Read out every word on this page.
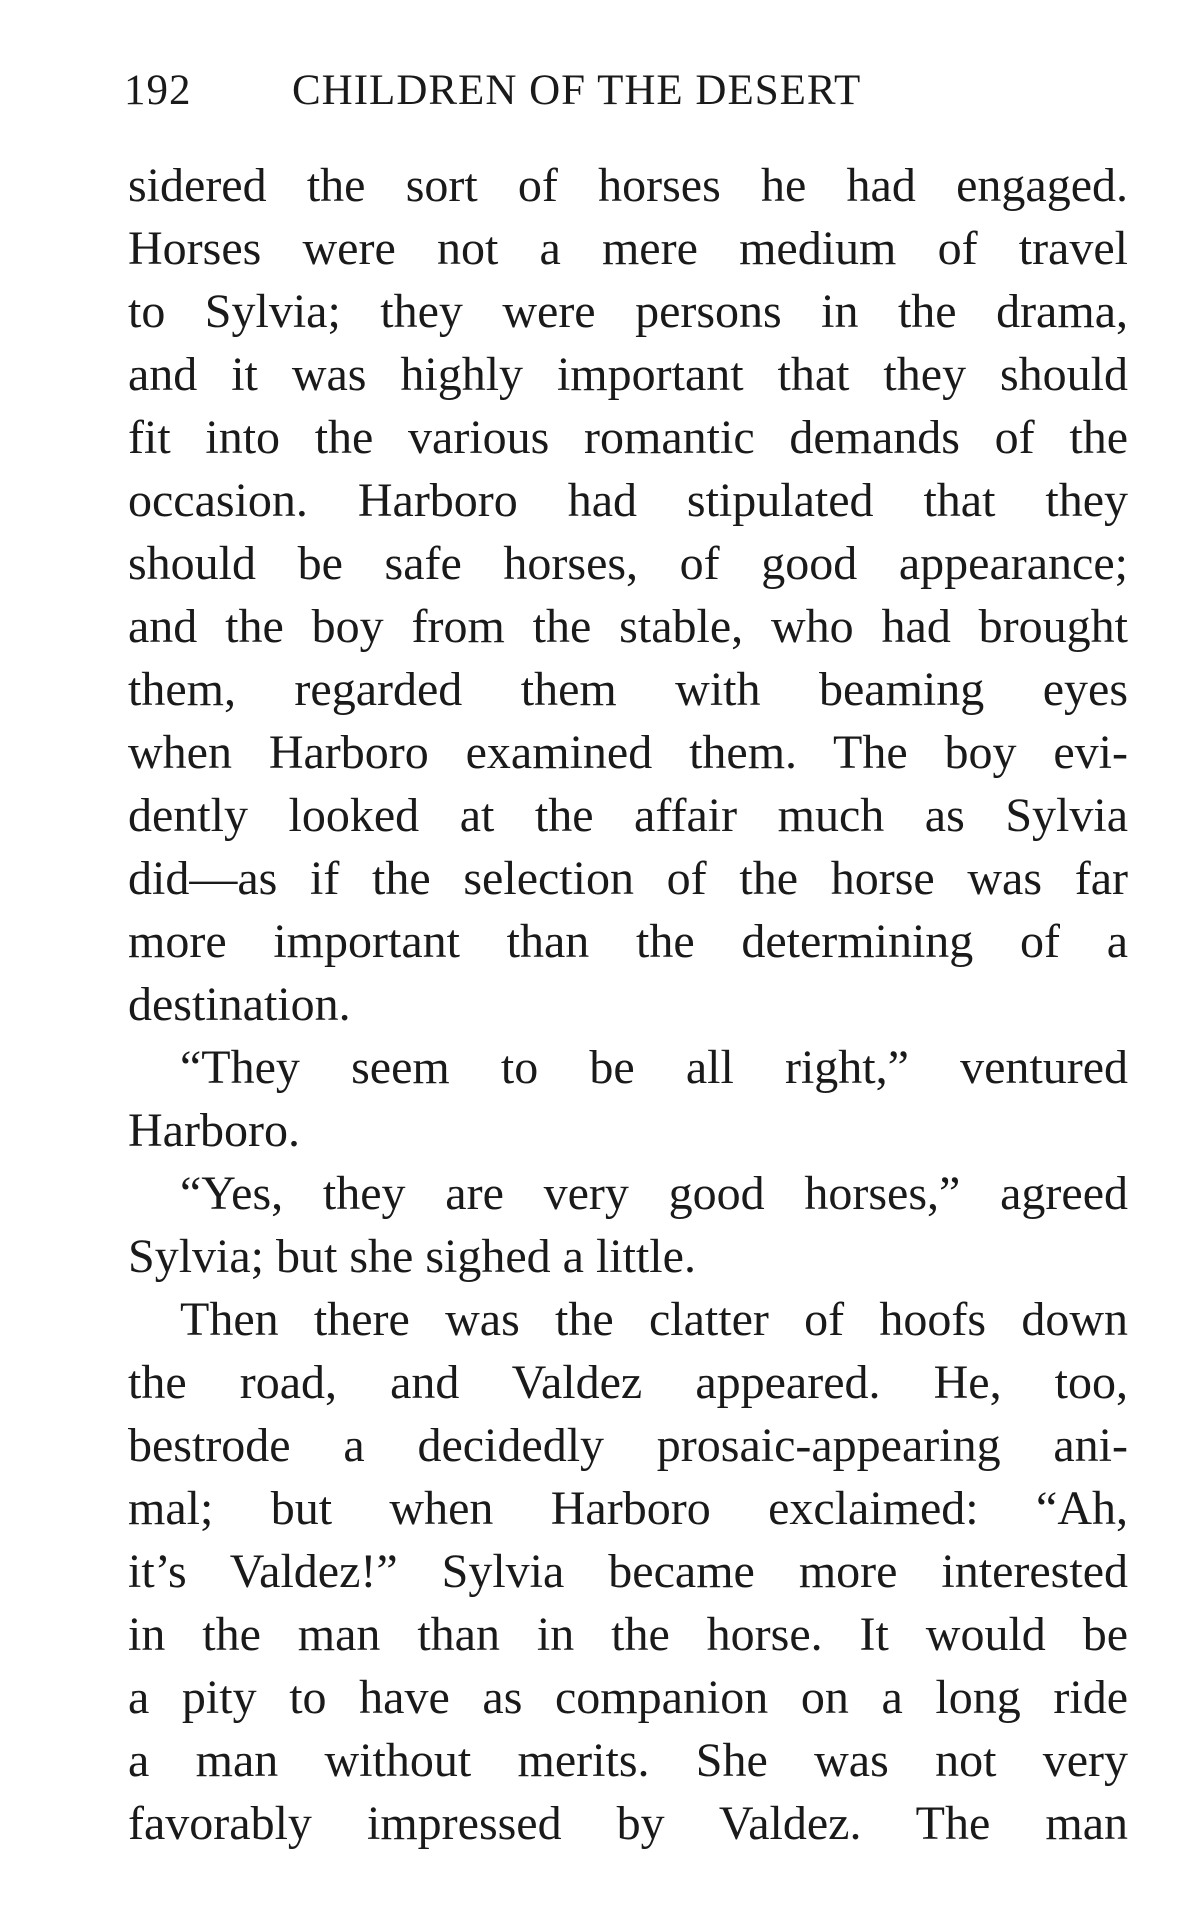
192 CHILDREN OF THE DESERT
sidered the sort of horses he had engaged.
Horses were not a mere medium of travel
to Sylvia; they were persons in the drama,
and it was highly important that they should
fit into the various romantic demands of the
occasion. Harboro had stipulated that they
should be safe horses, of good appearance;
and the boy from the stable, who had brought
them, regarded them with beaming eyes
when Harboro examined them. The boy evi-
dently looked at the affair much as Sylvia
did—as if the selection of the horse was far
more important than the determining of a
destination.
“They seem to be all right,” ventured
Harboro.
“Yes, they are very good horses,” agreed
Sylvia; but she sighed a little.
Then there was the clatter of hoofs down
the road, and Valdez appeared. He, too,
bestrode a decidedly prosaic-appearing ani-
mal; but when Harboro exclaimed: “Ah,
it’s Valdez!” Sylvia became more interested
in the man than in the horse. It would be
a pity to have as companion on a long ride
a man without merits. She was not very
favorably impressed by Valdez. The man
